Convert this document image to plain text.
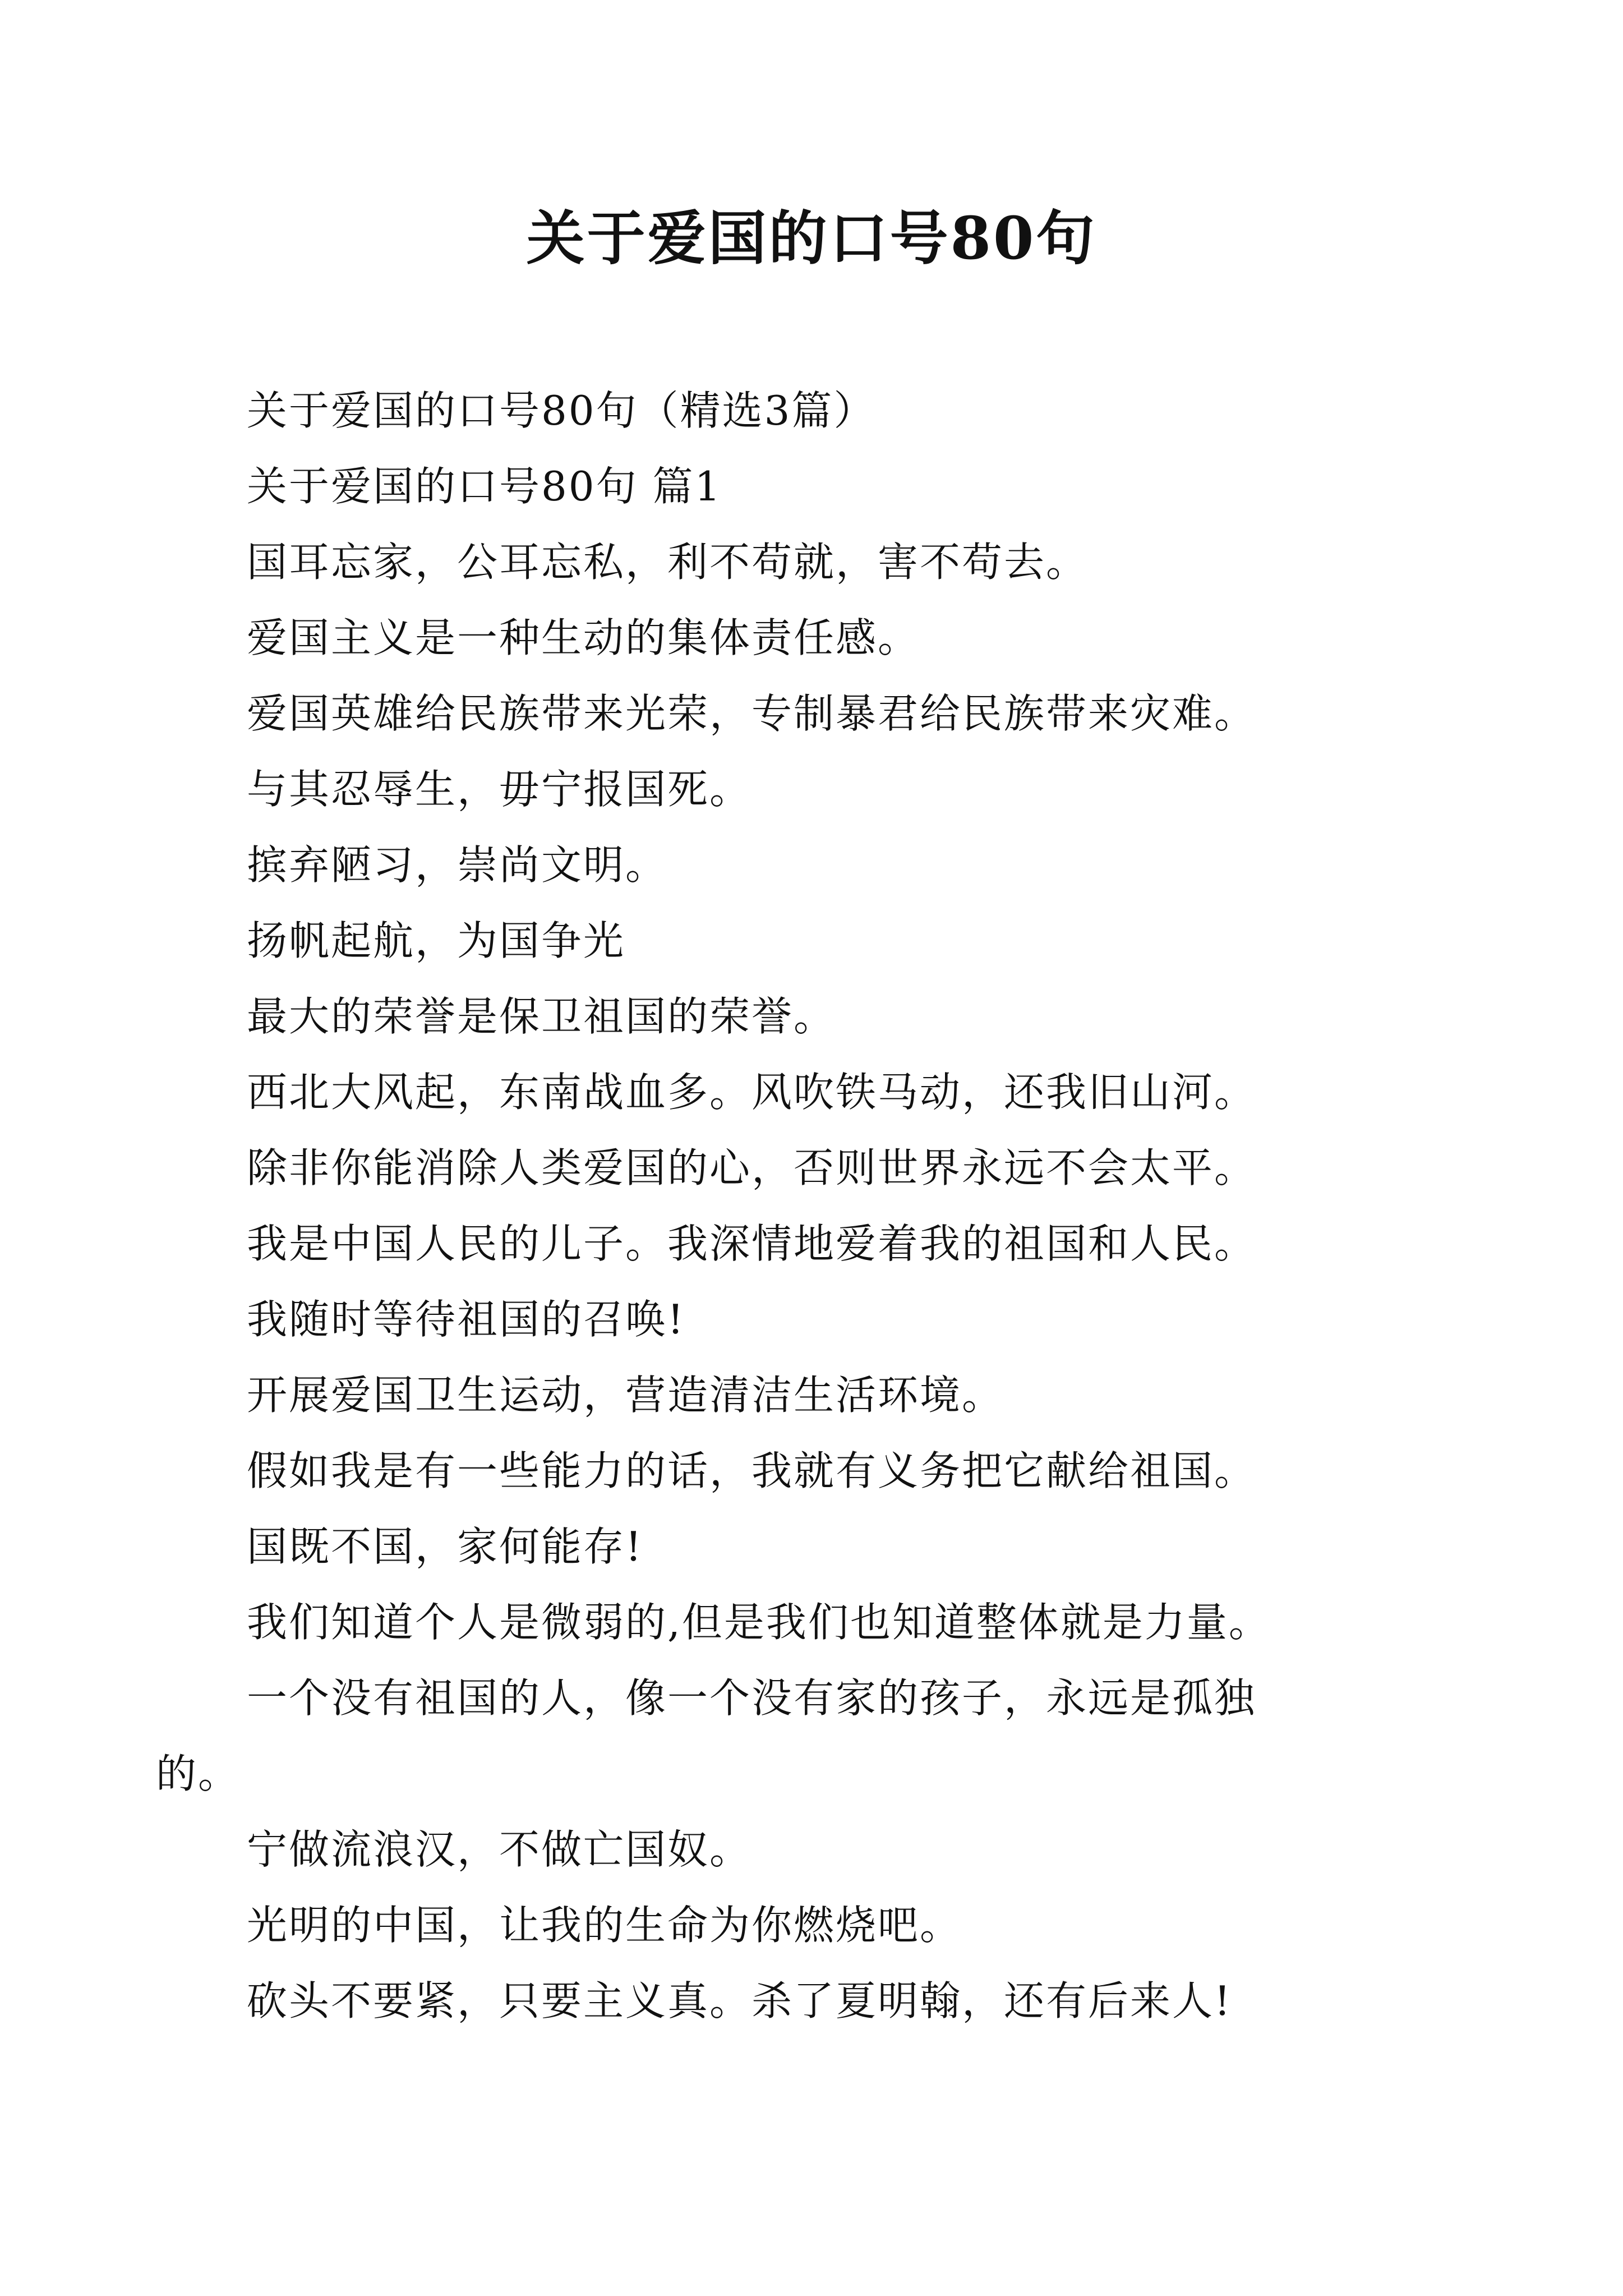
关于爱国的口号80句

关于爱国的口号80句（精选3篇）

关于爱国的口号80句 篇1

国耳忘家，公耳忘私，利不苟就，害不苟去。

爱国主义是一种生动的集体责任感。

爱国英雄给民族带来光荣，专制暴君给民族带来灾难。

与其忍辱生，毋宁报国死。

摈弃陋习，崇尚文明。

扬帆起航，为国争光

最大的荣誉是保卫祖国的荣誉。

西北大风起，东南战血多。风吹铁马动，还我旧山河。

除非你能消除人类爱国的心，否则世界永远不会太平。

我是中国人民的儿子。我深情地爱着我的祖国和人民。

我随时等待祖国的召唤!

开展爱国卫生运动，营造清洁生活环境。

假如我是有一些能力的话，我就有义务把它献给祖国。

国既不国，家何能存!

我们知道个人是微弱的,但是我们也知道整体就是力量。

一个没有祖国的人，像一个没有家的孩子，永远是孤独

的。

宁做流浪汉，不做亡国奴。

光明的中国，让我的生命为你燃烧吧。

砍头不要紧，只要主义真。杀了夏明翰，还有后来人!
